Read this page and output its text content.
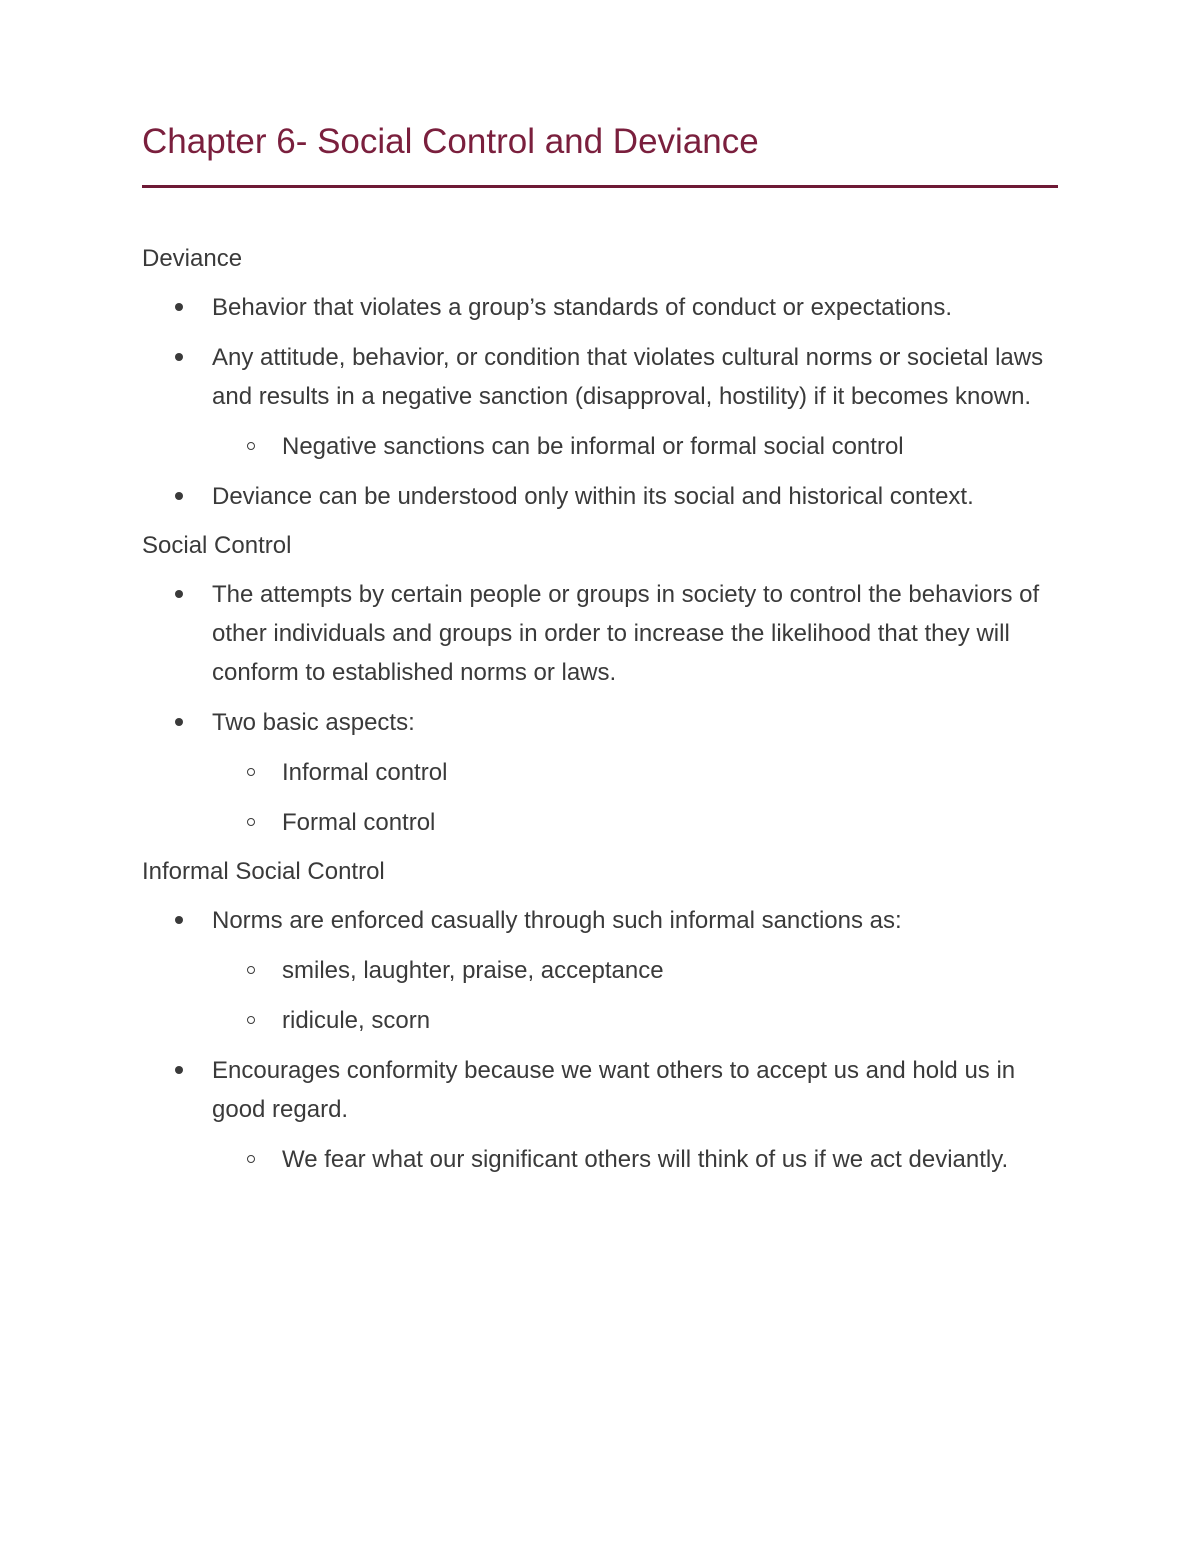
Chapter 6- Social Control and Deviance
Deviance
Behavior that violates a group’s standards of conduct or expectations.
Any attitude, behavior, or condition that violates cultural norms or societal laws and results in a negative sanction (disapproval, hostility) if it becomes known.
Negative sanctions can be informal or formal social control
Deviance can be understood only within its social and historical context.
Social Control
The attempts by certain people or groups in society to control the behaviors of other individuals and groups in order to increase the likelihood that they will conform to established norms or laws.
Two basic aspects:
Informal control
Formal control
Informal Social Control
Norms are enforced casually through such informal sanctions as:
smiles, laughter, praise, acceptance
ridicule, scorn
Encourages conformity because we want others to accept us and hold us in good regard.
We fear what our significant others will think of us if we act deviantly.
